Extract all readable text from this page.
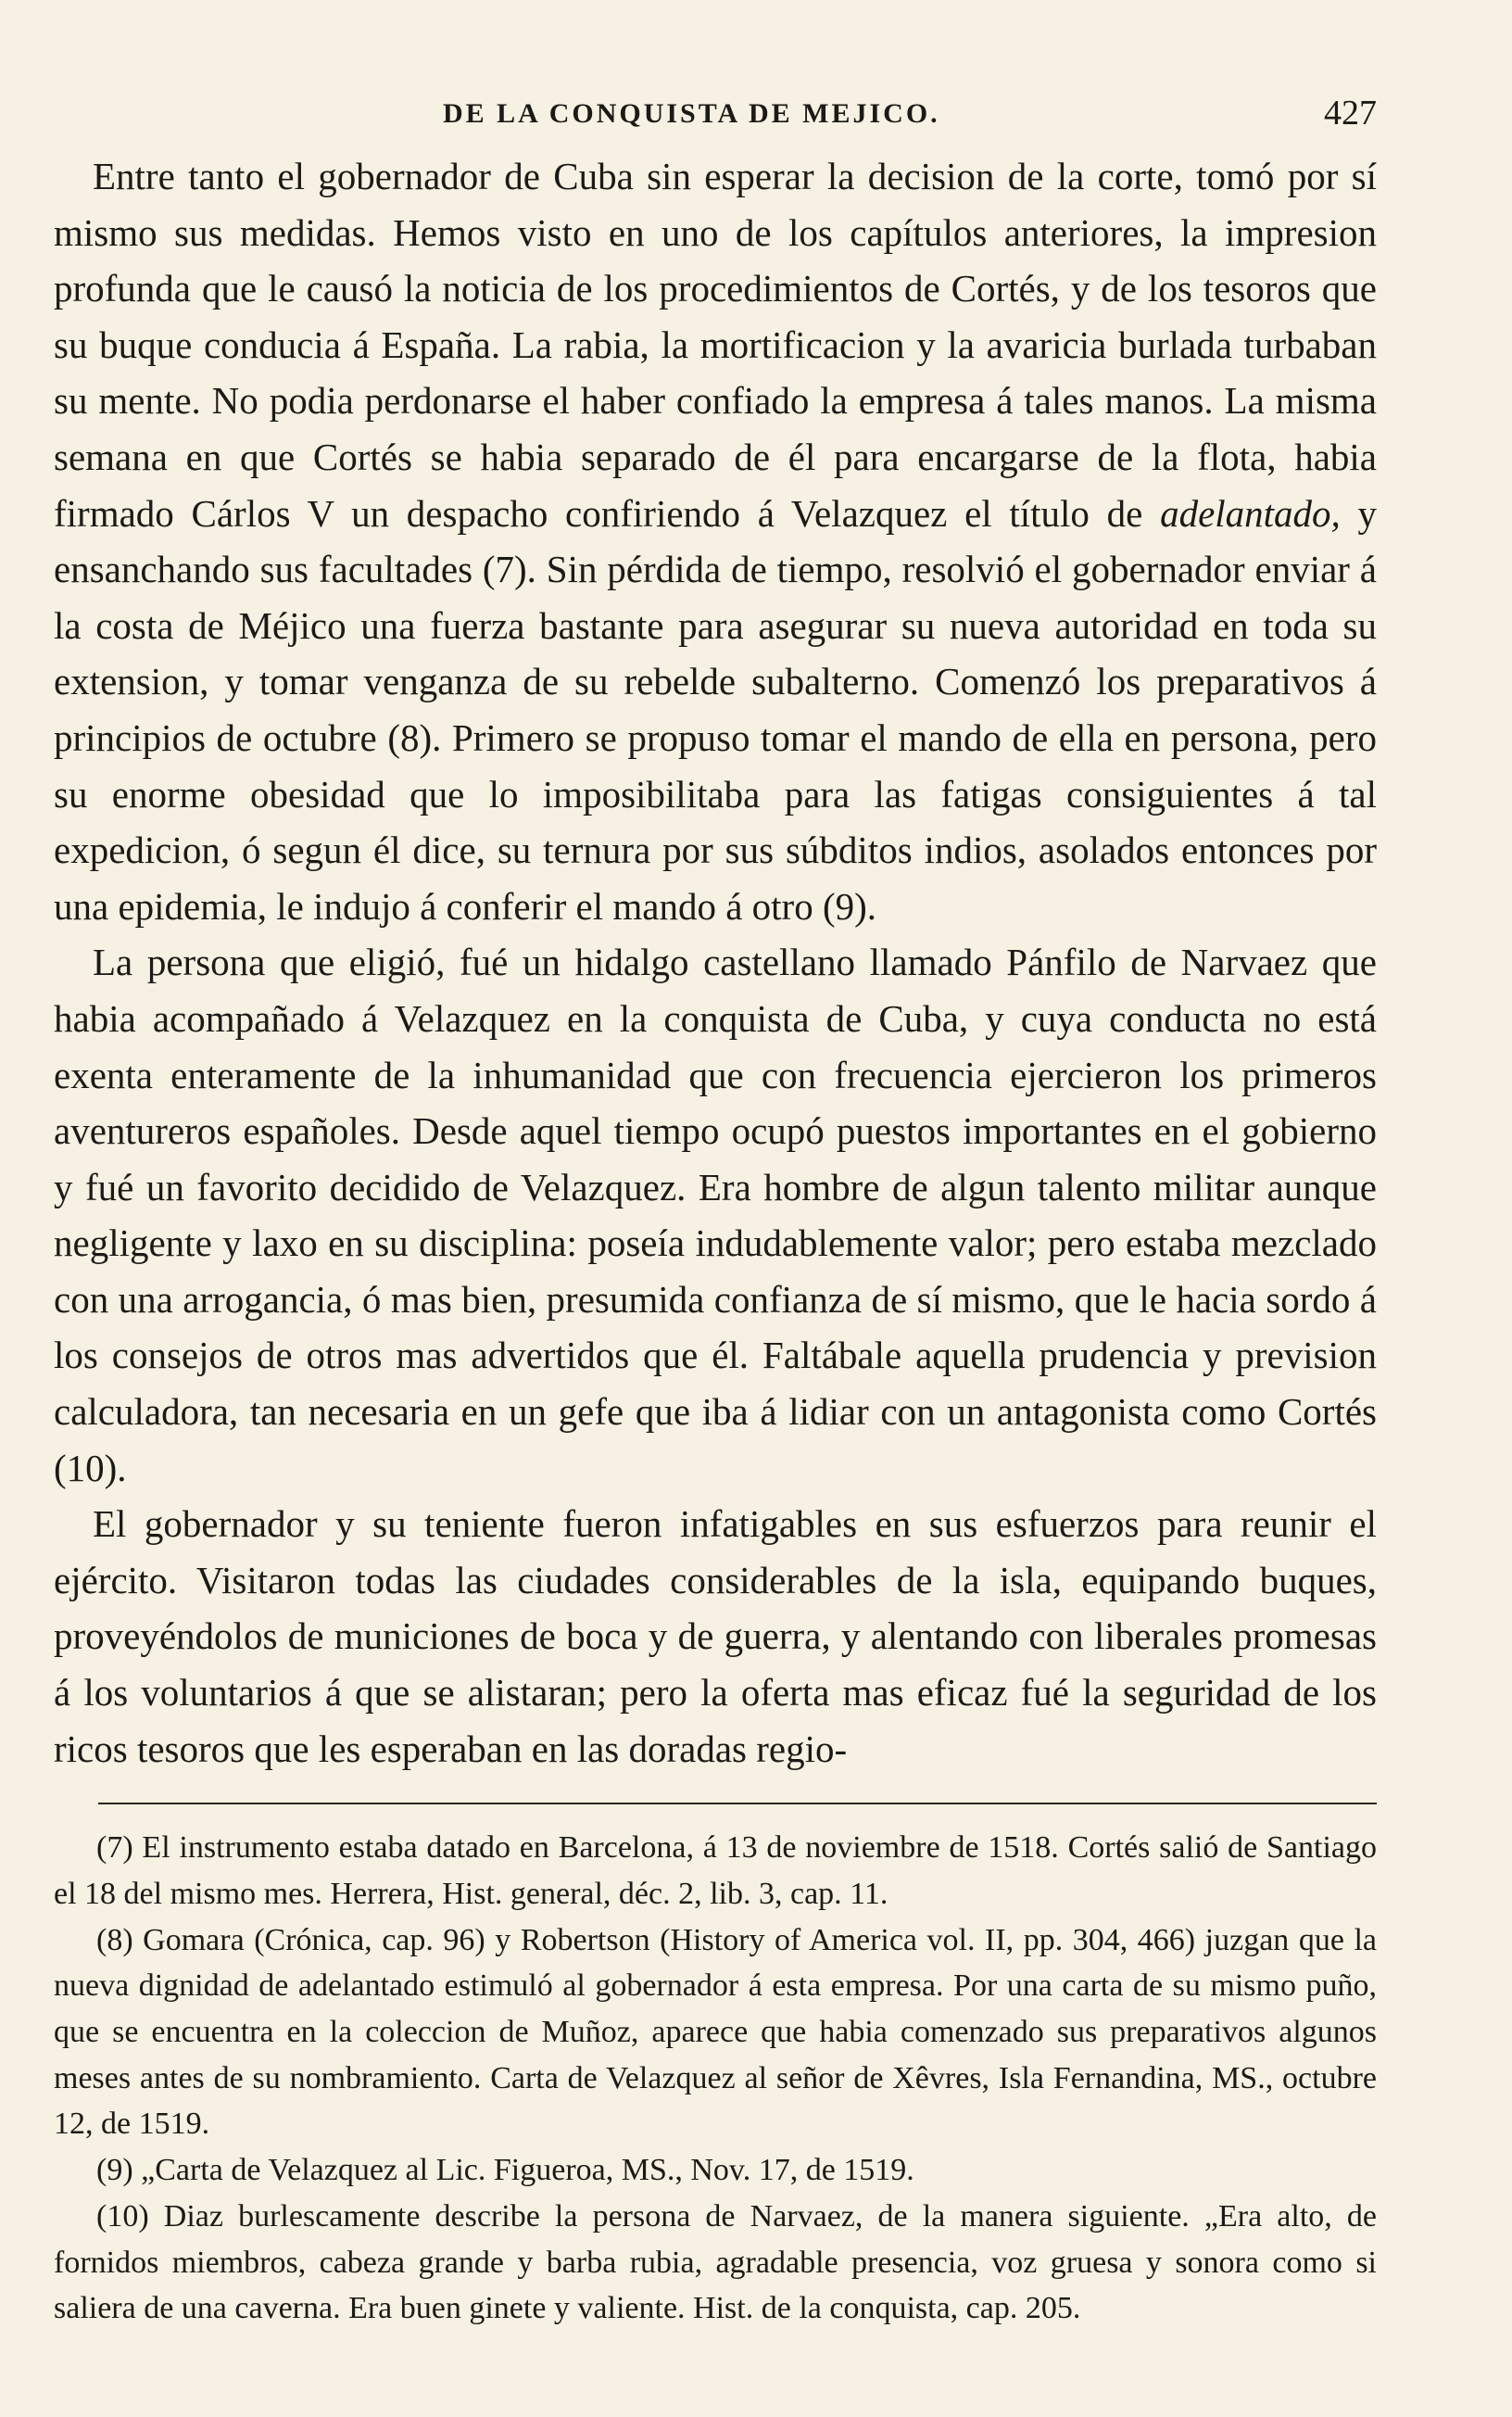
DE LA CONQUISTA DE MEJICO.	427

Entre tanto el gobernador de Cuba sin esperar la decision de la corte, tomó por sí mismo sus medidas. Hemos visto en uno de los capítulos anteriores, la impresion profunda que le causó la noticia de los procedimientos de Cortés, y de los tesoros que su buque conducia á España. La rabia, la mortificacion y la avaricia burlada turbaban su mente. No podia perdonarse el haber confiado la empresa á tales manos. La misma semana en que Cortés se habia separado de él para encargarse de la flota, habia firmado Cárlos V un despacho confiriendo á Velazquez el título de adelantado, y ensanchando sus facultades (7). Sin pérdida de tiempo, resolvió el gobernador enviar á la costa de Méjico una fuerza bastante para asegurar su nueva autoridad en toda su extension, y tomar venganza de su rebelde subalterno. Comenzó los preparativos á principios de octubre (8). Primero se propuso tomar el mando de ella en persona, pero su enorme obesidad que lo imposibilitaba para las fatigas consiguientes á tal expedicion, ó segun él dice, su ternura por sus súbditos indios, asolados entonces por una epidemia, le indujo á conferir el mando á otro (9).

La persona que eligió, fué un hidalgo castellano llamado Pánfilo de Narvaez que habia acompañado á Velazquez en la conquista de Cuba, y cuya conducta no está exenta enteramente de la inhumanidad que con frecuencia ejercieron los primeros aventureros españoles. Desde aquel tiempo ocupó puestos importantes en el gobierno y fué un favorito decidido de Velazquez. Era hombre de algun talento militar aunque negligente y laxo en su disciplina: poseía indudablemente valor; pero estaba mezclado con una arrogancia, ó mas bien, presumida confianza de sí mismo, que le hacia sordo á los consejos de otros mas advertidos que él. Faltábale aquella prudencia y prevision calculadora, tan necesaria en un gefe que iba á lidiar con un antagonista como Cortés (10).

El gobernador y su teniente fueron infatigables en sus esfuerzos para reunir el ejército. Visitaron todas las ciudades considerables de la isla, equipando buques, proveyéndolos de municiones de boca y de guerra, y alentando con liberales promesas á los voluntarios á que se alistaran; pero la oferta mas eficaz fué la seguridad de los ricos tesoros que les esperaban en las doradas regio-

(7) El instrumento estaba datado en Barcelona, á 13 de noviembre de 1518. Cortés salió de Santiago el 18 del mismo mes. Herrera, Hist. general, déc. 2, lib. 3, cap. 11.

(8) Gomara (Crónica, cap. 96) y Robertson (History of America vol. II, pp. 304, 466) juzgan que la nueva dignidad de adelantado estimuló al gobernador á esta empresa. Por una carta de su mismo puño, que se encuentra en la coleccion de Muñoz, aparece que habia comenzado sus preparativos algunos meses antes de su nombramiento. Carta de Velazquez al señor de Xêvres, Isla Fernandina, MS., octubre 12, de 1519.

(9) „Carta de Velazquez al Lic. Figueroa, MS., Nov. 17, de 1519.

(10) Diaz burlescamente describe la persona de Narvaez, de la manera siguiente. „Era alto, de fornidos miembros, cabeza grande y barba rubia, agradable presencia, voz gruesa y sonora como si saliera de una caverna. Era buen ginete y valiente. Hist. de la conquista, cap. 205.
